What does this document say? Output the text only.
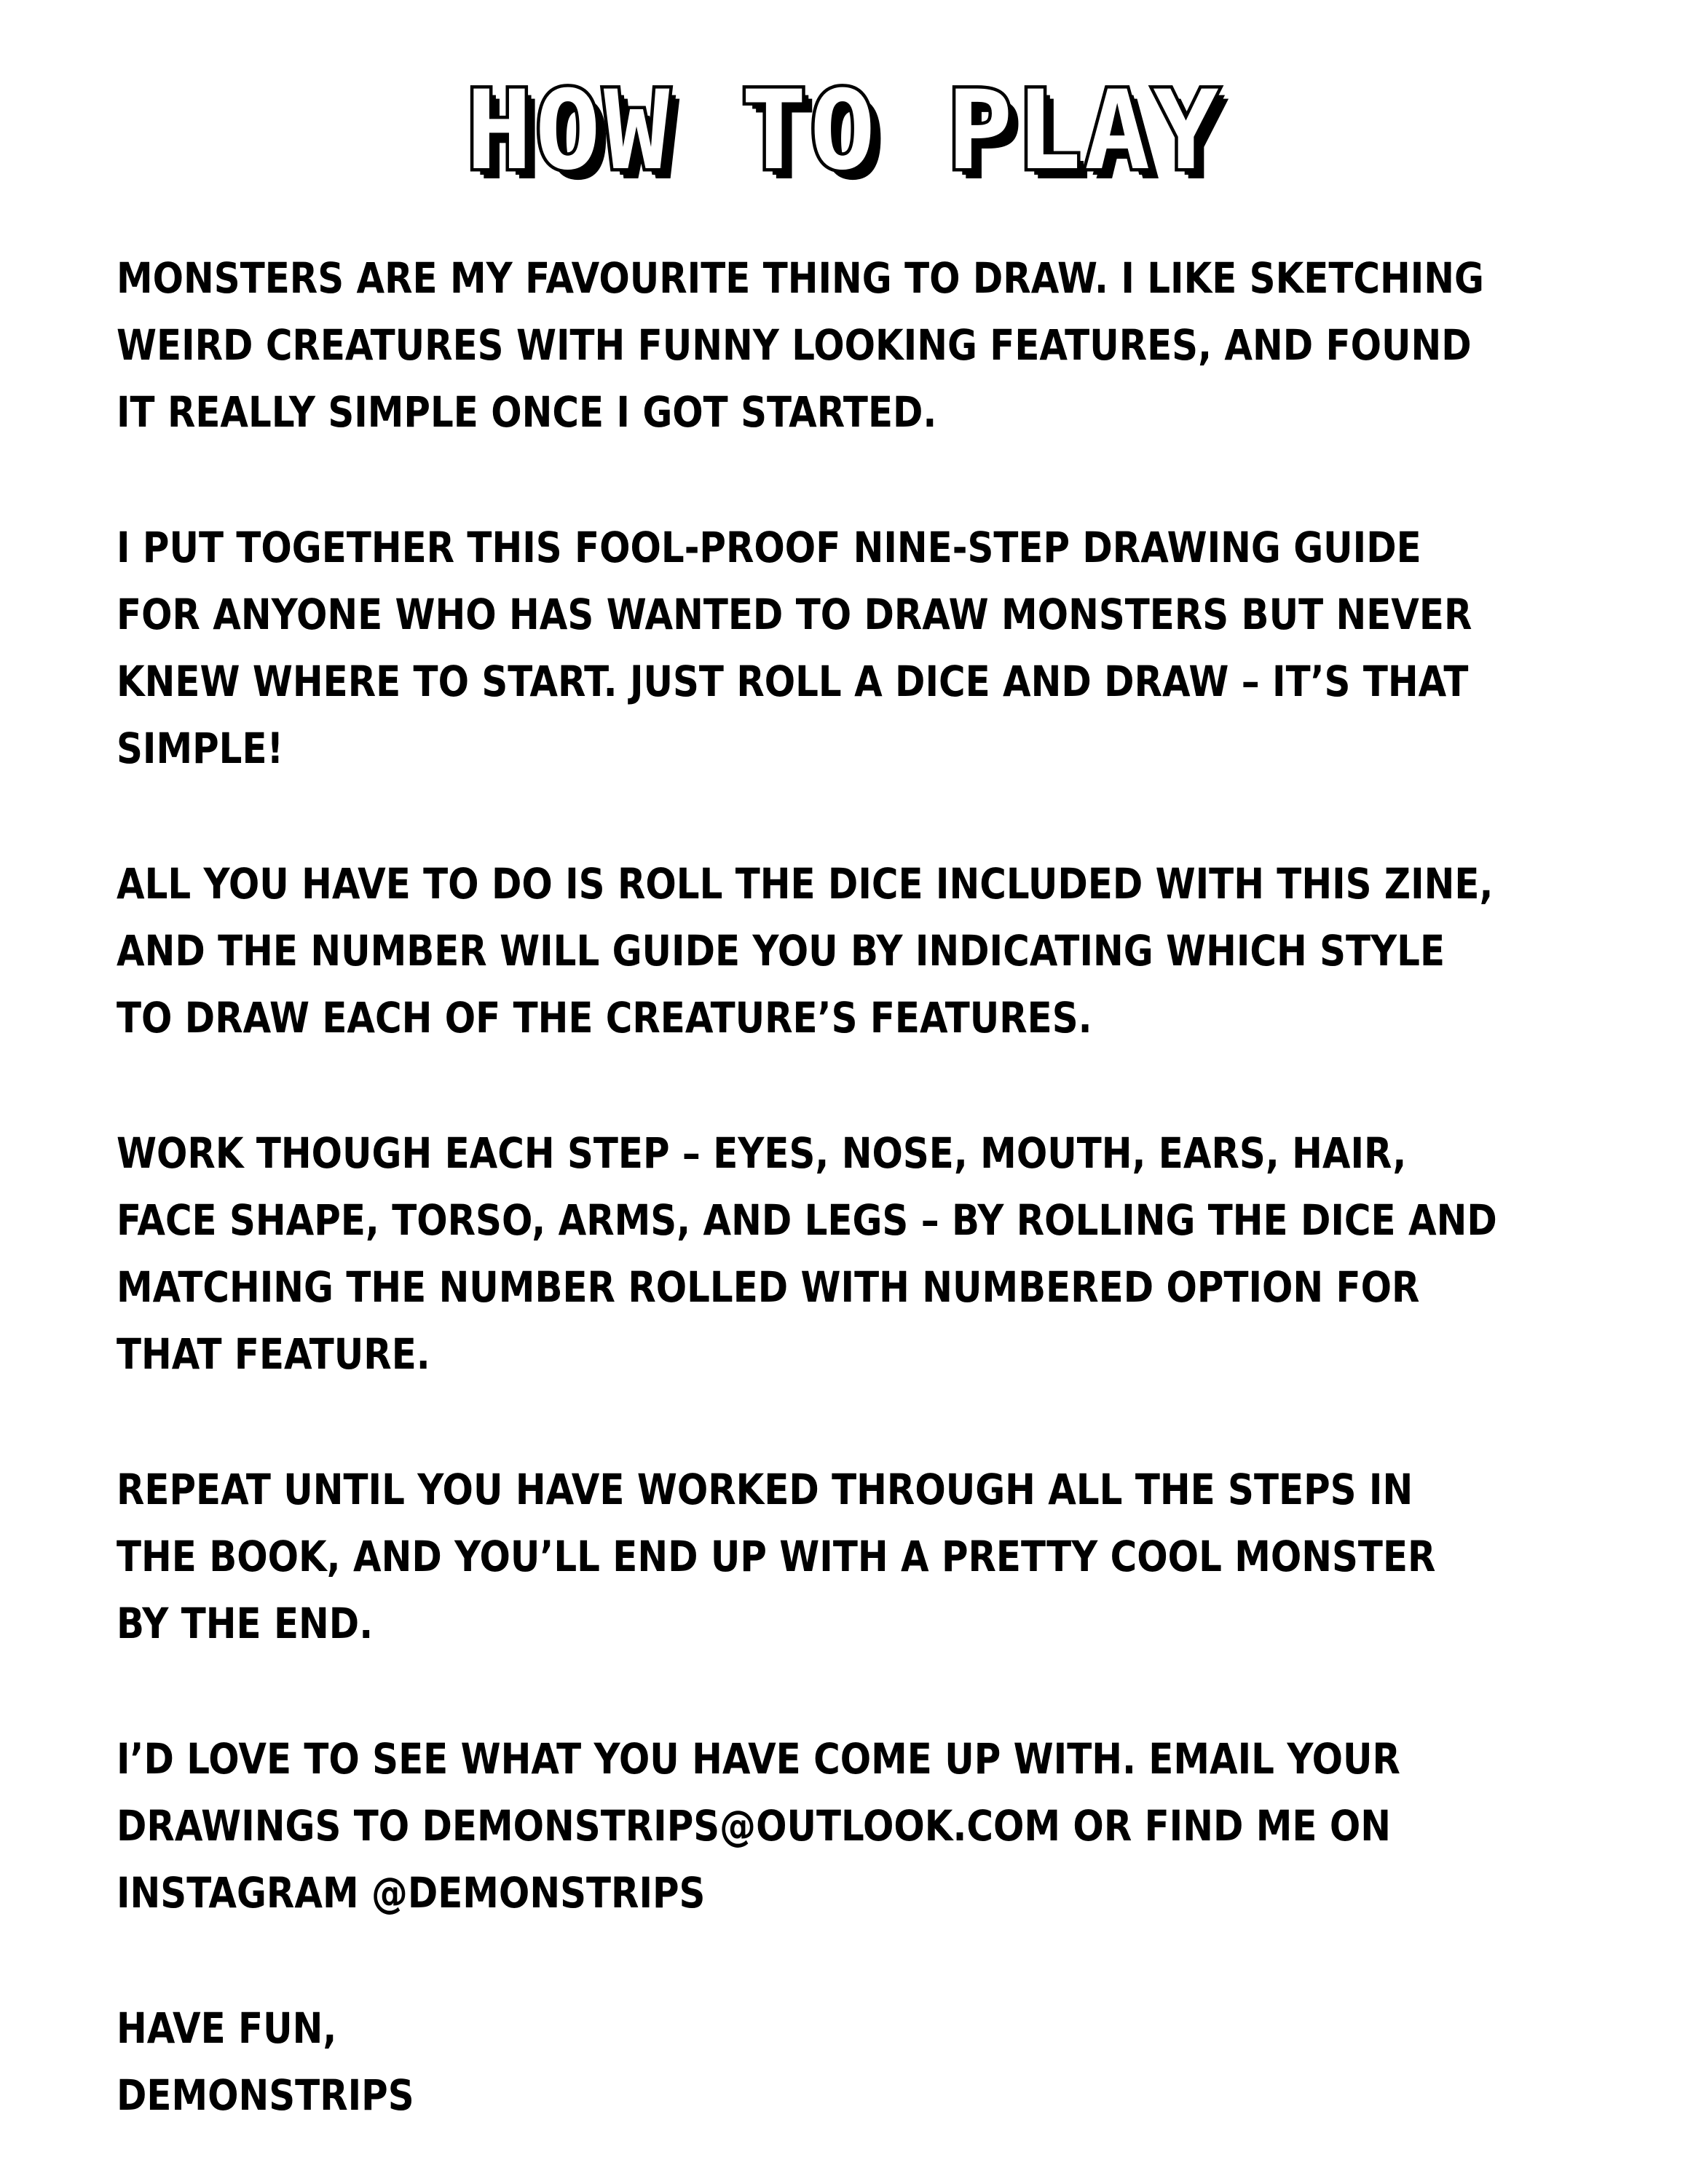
HOW TO PLAY
MONSTERS ARE MY FAVOURITE THING TO DRAW. I LIKE SKETCHING
WEIRD CREATURES WITH FUNNY LOOKING FEATURES, AND FOUND
IT REALLY SIMPLE ONCE I GOT STARTED.
I PUT TOGETHER THIS FOOL-PROOF NINE-STEP DRAWING GUIDE
FOR ANYONE WHO HAS WANTED TO DRAW MONSTERS BUT NEVER
KNEW WHERE TO START. JUST ROLL A DICE AND DRAW – IT’S THAT
SIMPLE!
ALL YOU HAVE TO DO IS ROLL THE DICE INCLUDED WITH THIS ZINE,
AND THE NUMBER WILL GUIDE YOU BY INDICATING WHICH STYLE
TO DRAW EACH OF THE CREATURE’S FEATURES.
WORK THOUGH EACH STEP – EYES, NOSE, MOUTH, EARS, HAIR,
FACE SHAPE, TORSO, ARMS, AND LEGS – BY ROLLING THE DICE AND
MATCHING THE NUMBER ROLLED WITH NUMBERED OPTION FOR
THAT FEATURE.
REPEAT UNTIL YOU HAVE WORKED THROUGH ALL THE STEPS IN
THE BOOK, AND YOU’LL END UP WITH A PRETTY COOL MONSTER
BY THE END.
I’D LOVE TO SEE WHAT YOU HAVE COME UP WITH. EMAIL YOUR
DRAWINGS TO DEMONSTRIPS@OUTLOOK.COM OR FIND ME ON
INSTAGRAM @DEMONSTRIPS
HAVE FUN,
DEMONSTRIPS
